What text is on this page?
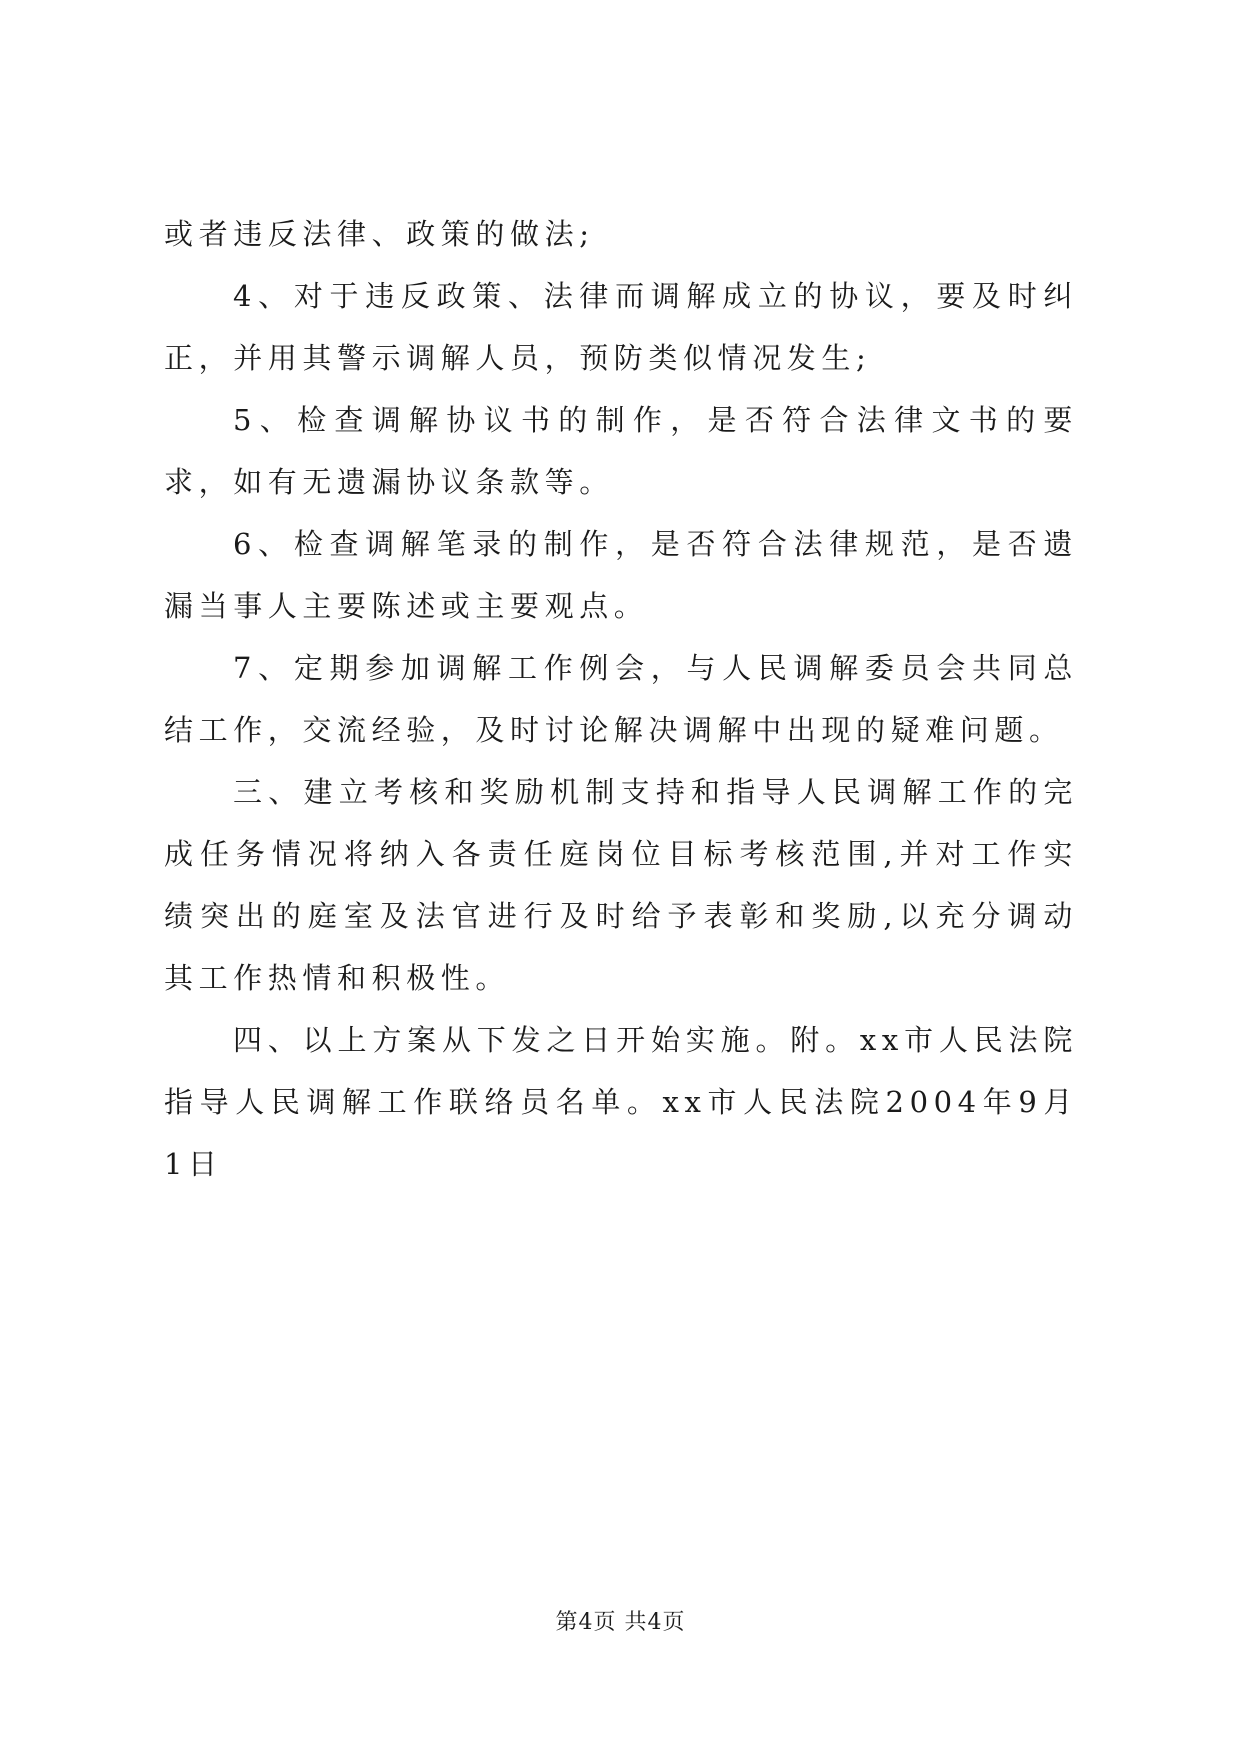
或者违反法律、政策的做法;

4、对于违反政策、法律而调解成立的协议，要及时纠正，并用其警示调解人员，预防类似情况发生;

5、检查调解协议书的制作，是否符合法律文书的要求，如有无遗漏协议条款等。

6、检查调解笔录的制作，是否符合法律规范，是否遗漏当事人主要陈述或主要观点。

7、定期参加调解工作例会，与人民调解委员会共同总结工作，交流经验，及时讨论解决调解中出现的疑难问题。

三、建立考核和奖励机制支持和指导人民调解工作的完成任务情况将纳入各责任庭岗位目标考核范围,并对工作实绩突出的庭室及法官进行及时给予表彰和奖励,以充分调动其工作热情和积极性。

四、以上方案从下发之日开始实施。附。xx市人民法院指导人民调解工作联络员名单。xx市人民法院2004年9月1日

第4页 共4页
